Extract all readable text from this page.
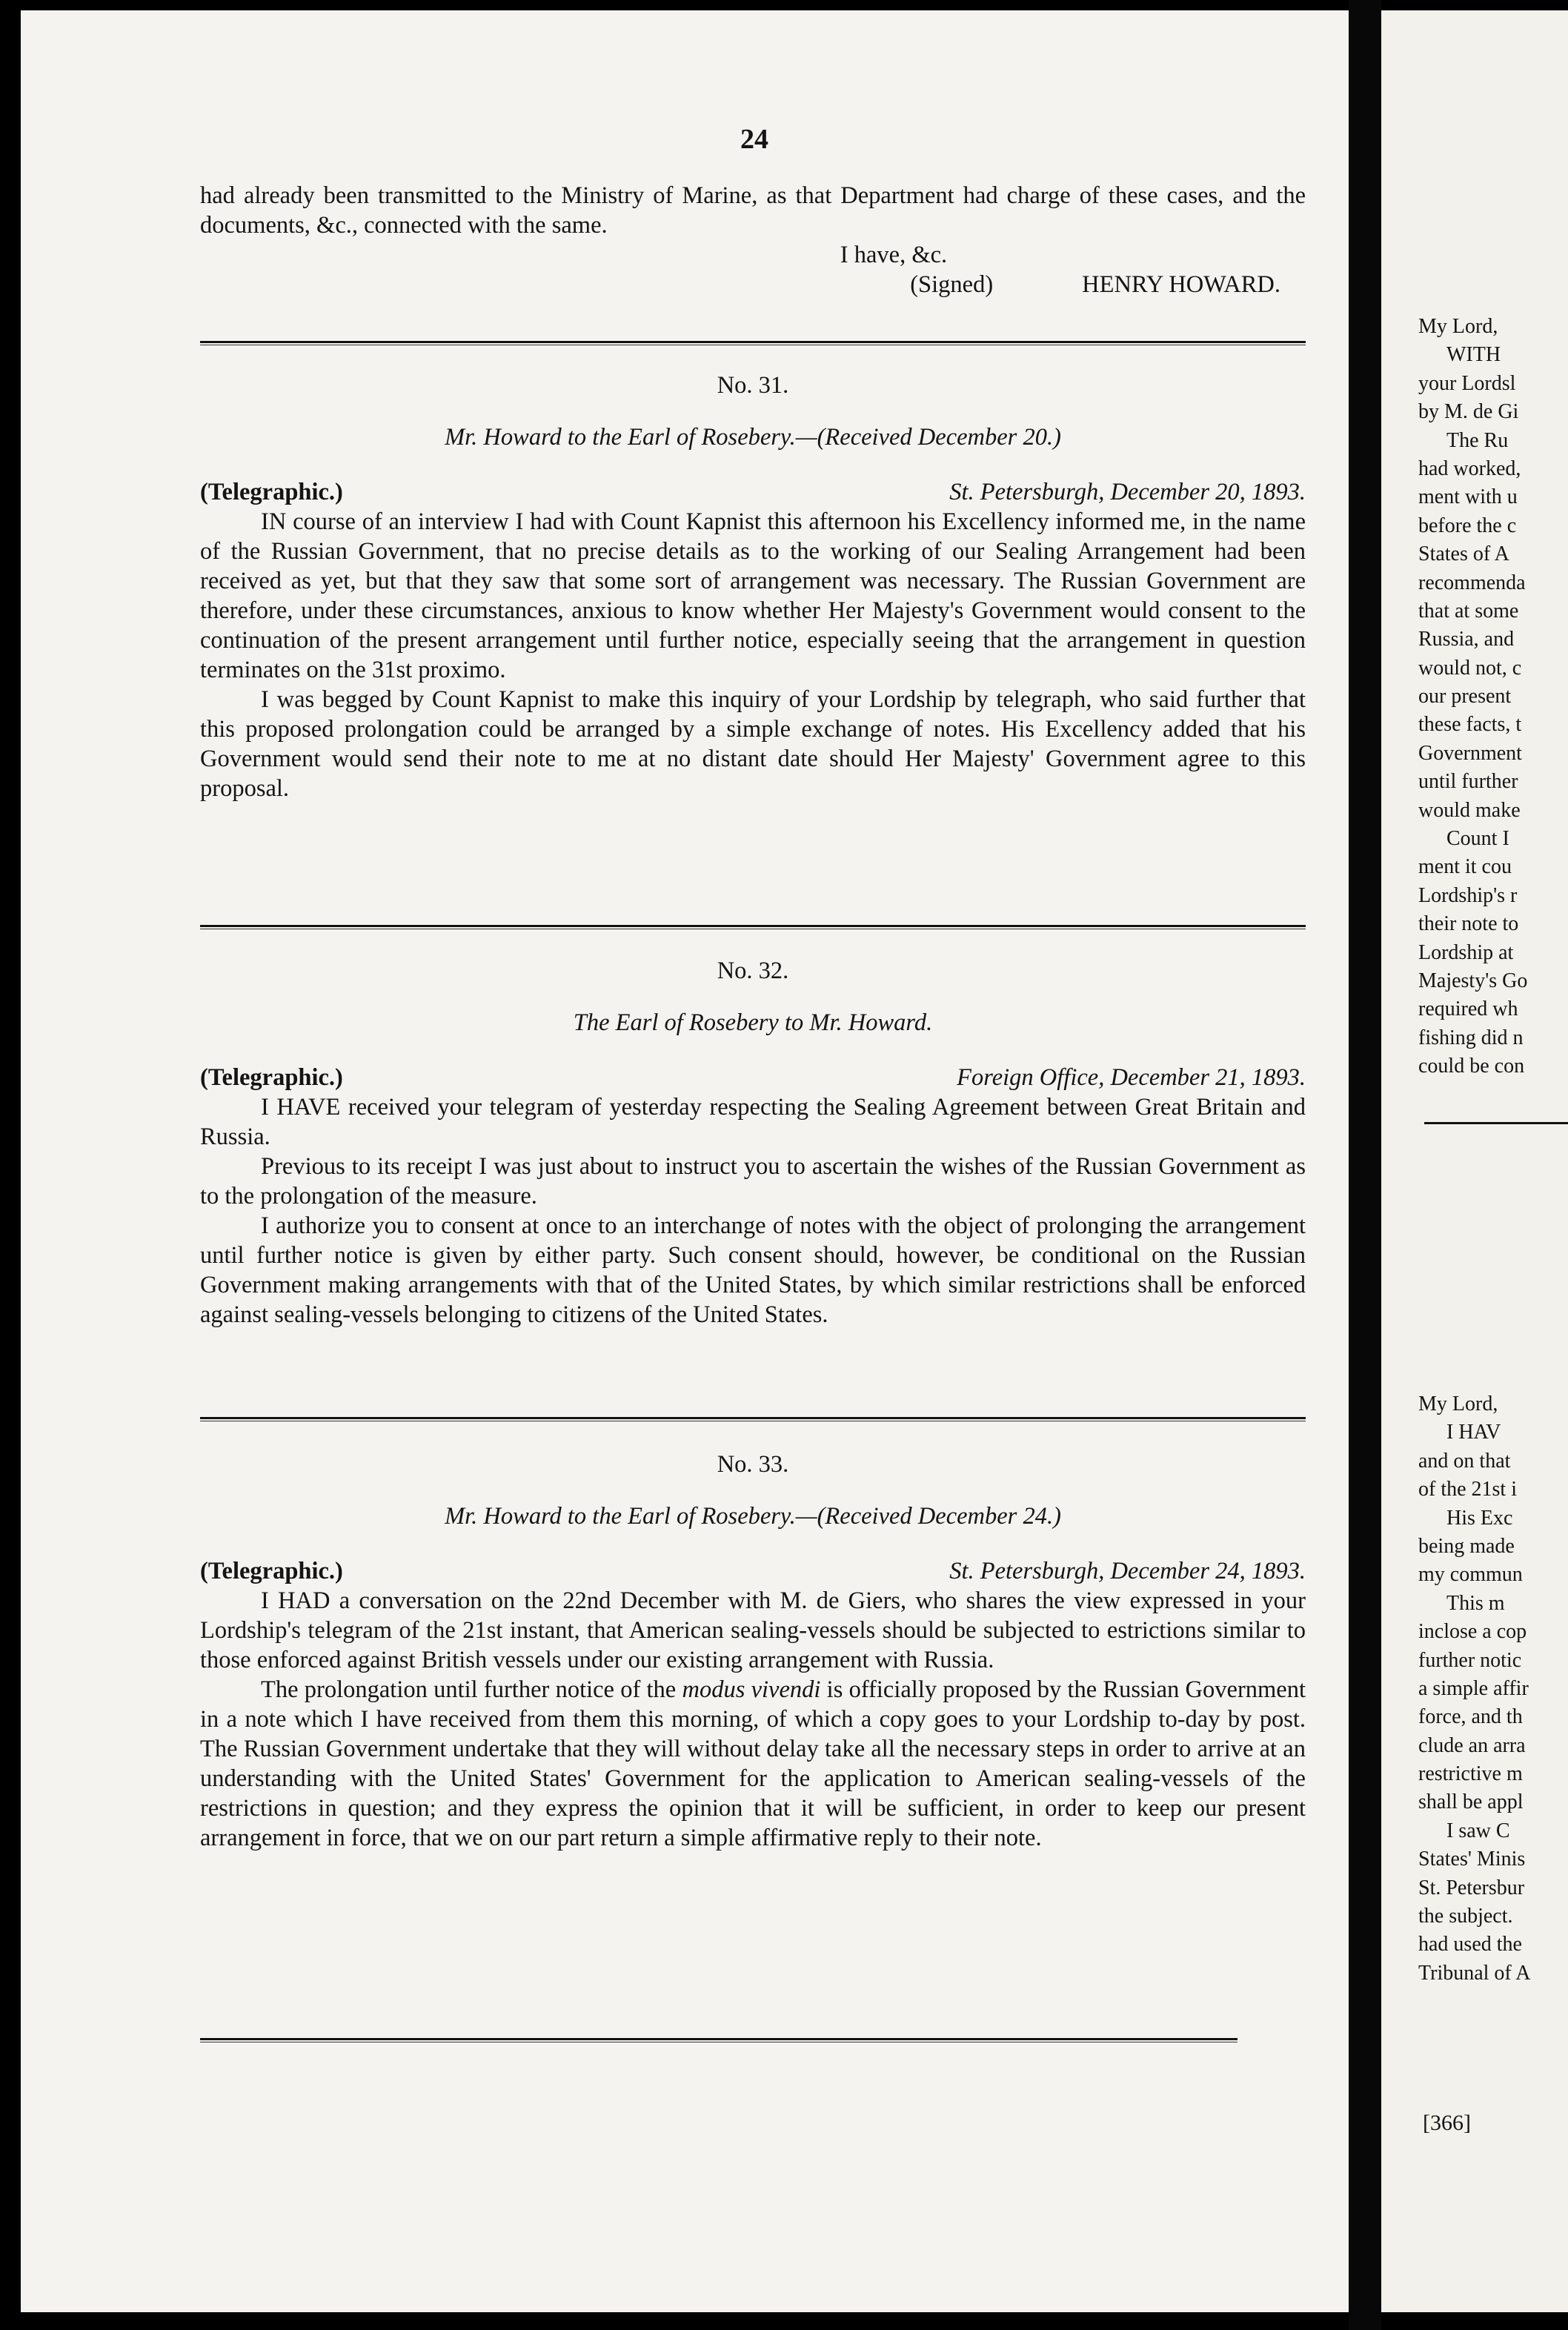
My Lord,
WITH
your Lordsl
by M. de Gi
The Ru
had worked,
ment with u
before the c
States of A
recommenda
that at some
Russia, and
would not, c
our present
these facts, t
Government
until further
would make
Count I
ment it cou
Lordship's r
their note to
Lordship at
Majesty's Go
required wh
fishing did n
could be con
My Lord,
I HAV
and on that
of the 21st i
His Exc
being made
my commun
This m
inclose a cop
further notic
a simple affir
force, and th
clude an arra
restrictive m
shall be appl
I saw C
States' Minis
St. Petersbur
the subject.
had used the
Tribunal of A
[366]
24

had already been transmitted to the Ministry of Marine, as that Department had charge of these cases, and the documents, &c., connected with the same.

I have, &c.

(Signed)	HENRY HOWARD.

No. 31.

Mr. Howard to the Earl of Rosebery.—(Received December 20.)

(Telegraphic.)	St. Petersburgh, December 20, 1893.

IN course of an interview I had with Count Kapnist this afternoon his Excellency informed me, in the name of the Russian Government, that no precise details as to the working of our Sealing Arrangement had been received as yet, but that they saw that some sort of arrangement was necessary. The Russian Government are therefore, under these circumstances, anxious to know whether Her Majesty's Government would consent to the continuation of the present arrangement until further notice, especially seeing that the arrangement in question terminates on the 31st proximo.

I was begged by Count Kapnist to make this inquiry of your Lordship by telegraph, who said further that this proposed prolongation could be arranged by a simple exchange of notes. His Excellency added that his Government would send their note to me at no distant date should Her Majesty' Government agree to this proposal.

No. 32.

The Earl of Rosebery to Mr. Howard.

(Telegraphic.)	Foreign Office, December 21, 1893.

I HAVE received your telegram of yesterday respecting the Sealing Agreement between Great Britain and Russia.

Previous to its receipt I was just about to instruct you to ascertain the wishes of the Russian Government as to the prolongation of the measure.

I authorize you to consent at once to an interchange of notes with the object of prolonging the arrangement until further notice is given by either party. Such consent should, however, be conditional on the Russian Government making arrangements with that of the United States, by which similar restrictions shall be enforced against sealing-vessels belonging to citizens of the United States.

No. 33.

Mr. Howard to the Earl of Rosebery.—(Received December 24.)

(Telegraphic.)	St. Petersburgh, December 24, 1893.

I HAD a conversation on the 22nd December with M. de Giers, who shares the view expressed in your Lordship's telegram of the 21st instant, that American sealing-vessels should be subjected to estrictions similar to those enforced against British vessels under our existing arrangement with Russia.

The prolongation until further notice of the modus vivendi is officially proposed by the Russian Government in a note which I have received from them this morning, of which a copy goes to your Lordship to-day by post. The Russian Government undertake that they will without delay take all the necessary steps in order to arrive at an understanding with the United States' Government for the application to American sealing-vessels of the restrictions in question; and they express the opinion that it will be sufficient, in order to keep our present arrangement in force, that we on our part return a simple affirmative reply to their note.
